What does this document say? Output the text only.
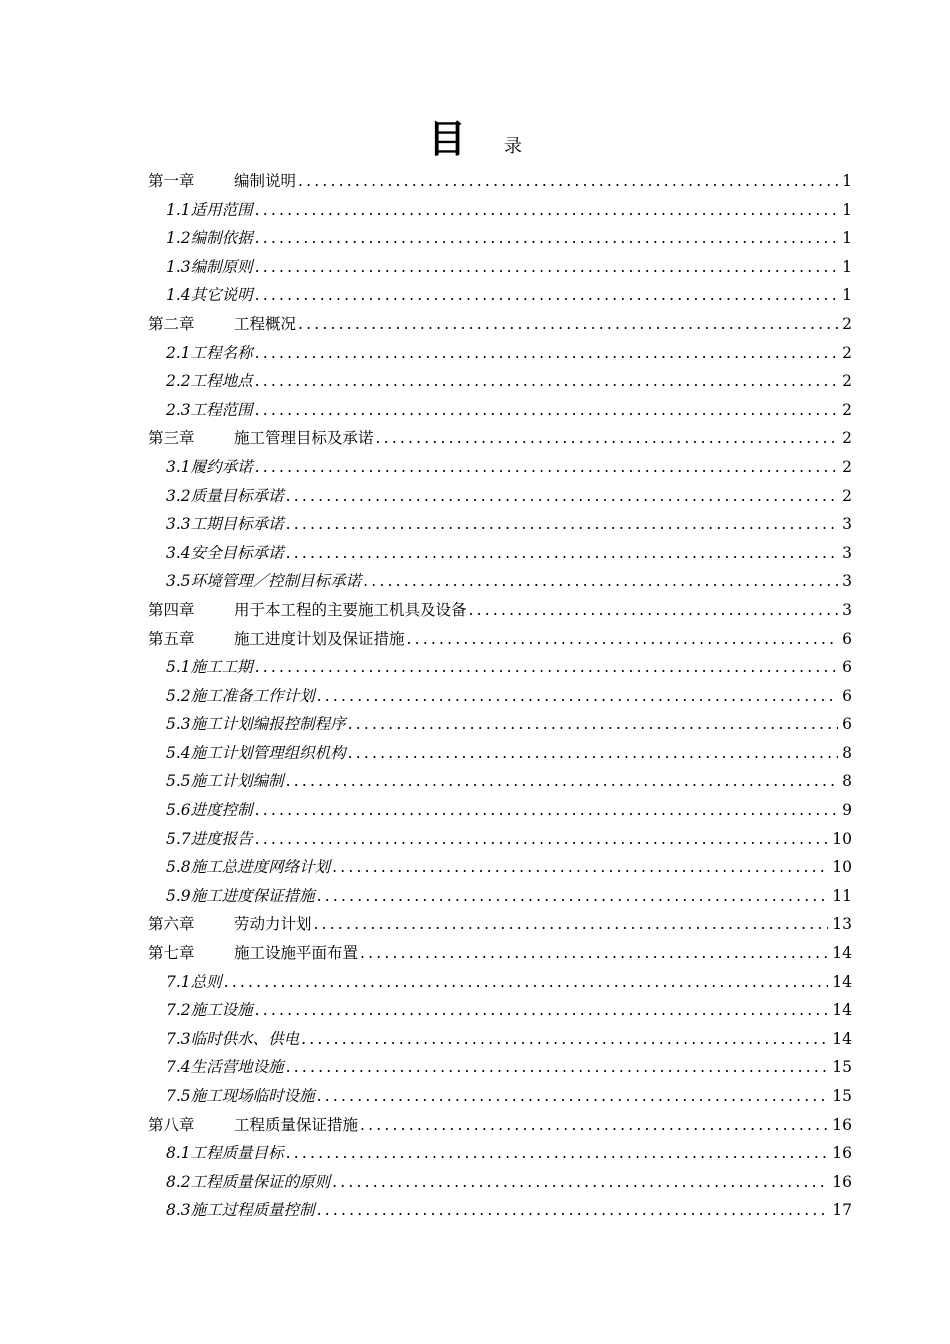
目 录
第一章	编制说明 .....	1
1.1 适用范围 .....	1
1.2 编制依据 .....	1
1.3 编制原则 .....	1
1.4 其它说明 .....	1
第二章	工程概况 .....	2
2.1 工程名称 .....	2
2.2 工程地点 .....	2
2.3 工程范围 .....	2
第三章	施工管理目标及承诺 .....	2
3.1 履约承诺 .....	2
3.2 质量目标承诺 .....	2
3.3 工期目标承诺 .....	3
3.4 安全目标承诺 .....	3
3.5 环境管理／控制目标承诺 .....	3
第四章	用于本工程的主要施工机具及设备 .....	3
第五章	施工进度计划及保证措施 .....	6
5.1 施工工期 .....	6
5.2 施工准备工作计划 .....	6
5.3 施工计划编报控制程序 .....	6
5.4 施工计划管理组织机构 .....	8
5.5 施工计划编制 .....	8
5.6 进度控制 .....	9
5.7 进度报告 .....	10
5.8 施工总进度网络计划 .....	10
5.9 施工进度保证措施 .....	11
第六章	劳动力计划 .....	13
第七章	施工设施平面布置 .....	14
7.1 总则 .....	14
7.2 施工设施 .....	14
7.3 临时供水、供电 .....	14
7.4 生活营地设施 .....	15
7.5 施工现场临时设施 .....	15
第八章	工程质量保证措施 .....	16
8.1 工程质量目标 .....	16
8.2 工程质量保证的原则 .....	16
8.3 施工过程质量控制 .....	17
